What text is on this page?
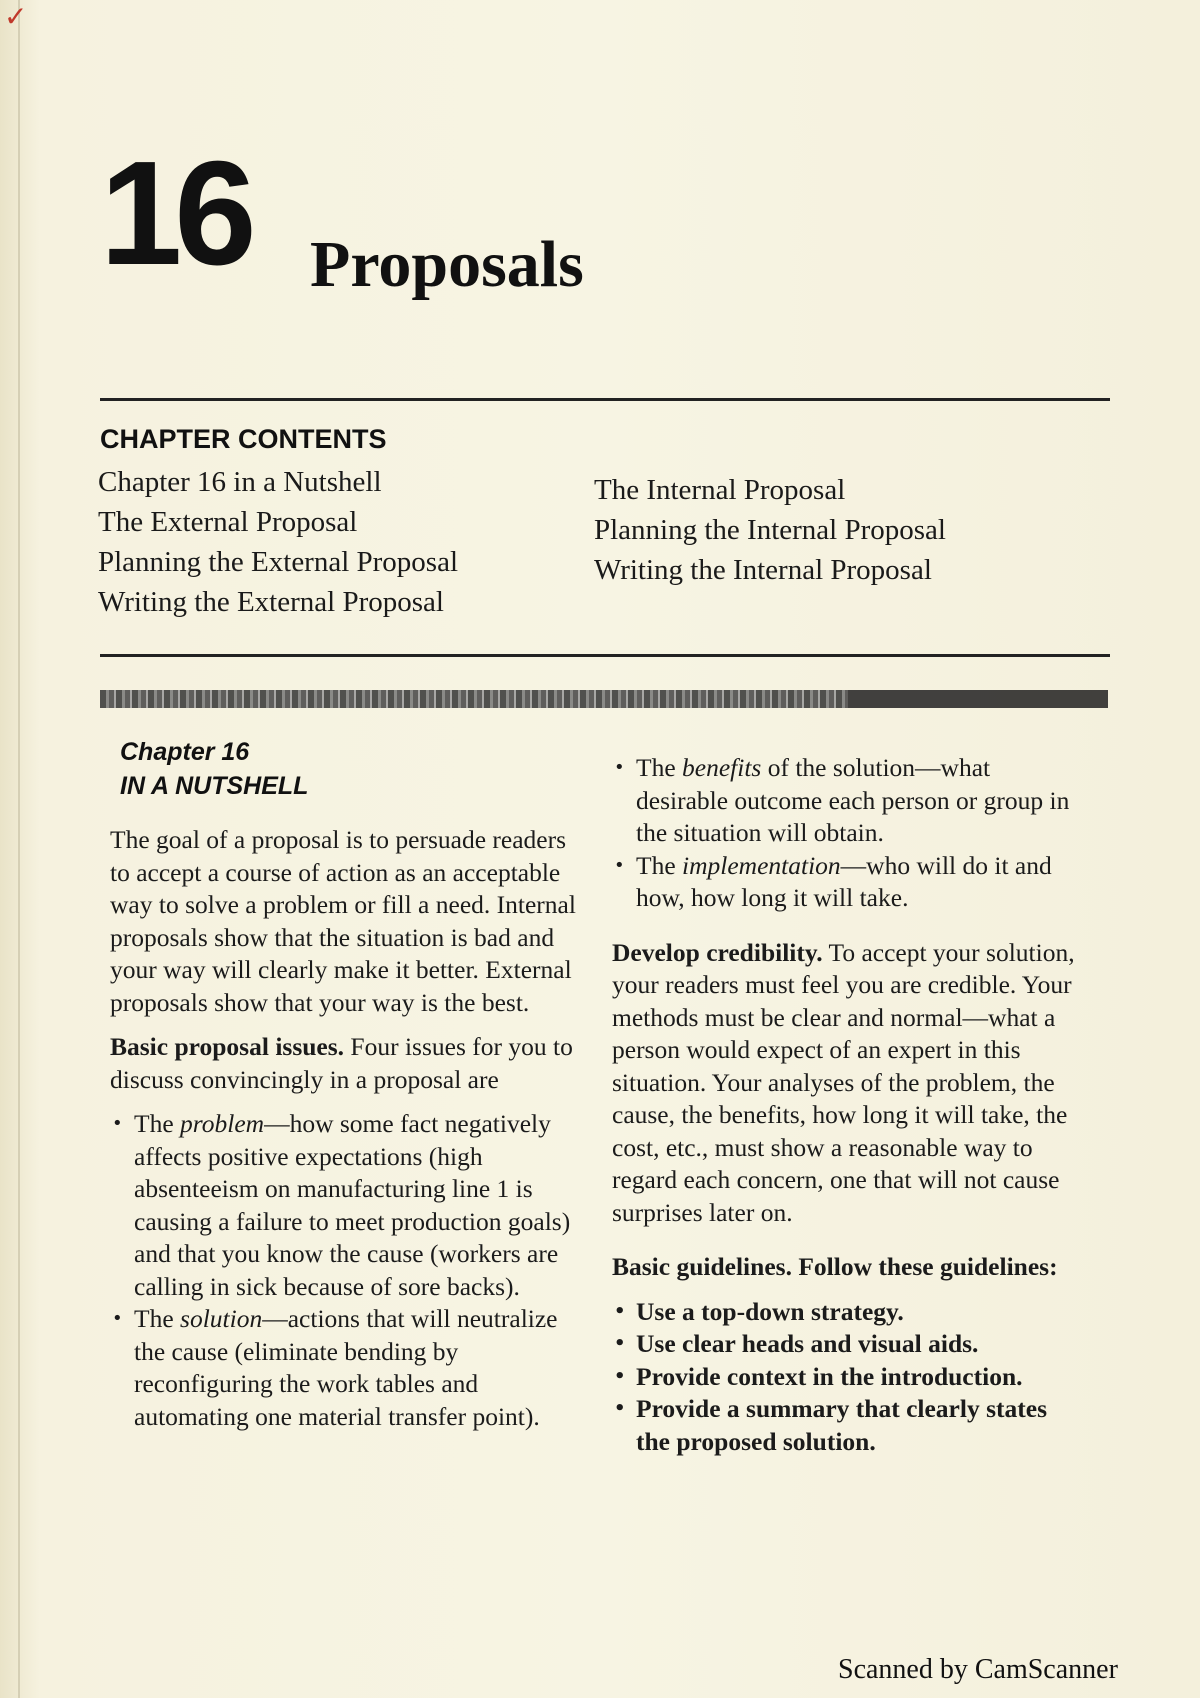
✓
16 Proposals
CHAPTER CONTENTS
Chapter 16 in a Nutshell
The External Proposal
Planning the External Proposal
Writing the External Proposal
The Internal Proposal
Planning the Internal Proposal
Writing the Internal Proposal
Chapter 16
IN A NUTSHELL

The goal of a proposal is to persuade readers to accept a course of action as an acceptable way to solve a problem or fill a need. Internal proposals show that the situation is bad and your way will clearly make it better. External proposals show that your way is the best.

Basic proposal issues. Four issues for you to discuss convincingly in a proposal are

• The problem—how some fact negatively affects positive expectations (high absenteeism on manufacturing line 1 is causing a failure to meet production goals) and that you know the cause (workers are calling in sick because of sore backs).
• The solution—actions that will neutralize the cause (eliminate bending by reconfiguring the work tables and automating one material transfer point).
• The benefits of the solution—what desirable outcome each person or group in the situation will obtain.
• The implementation—who will do it and how, how long it will take.

Develop credibility. To accept your solution, your readers must feel you are credible. Your methods must be clear and normal—what a person would expect of an expert in this situation. Your analyses of the problem, the cause, the benefits, how long it will take, the cost, etc., must show a reasonable way to regard each concern, one that will not cause surprises later on.

Basic guidelines. Follow these guidelines:

• Use a top-down strategy.
• Use clear heads and visual aids.
• Provide context in the introduction.
• Provide a summary that clearly states the proposed solution.
Scanned by CamScanner
